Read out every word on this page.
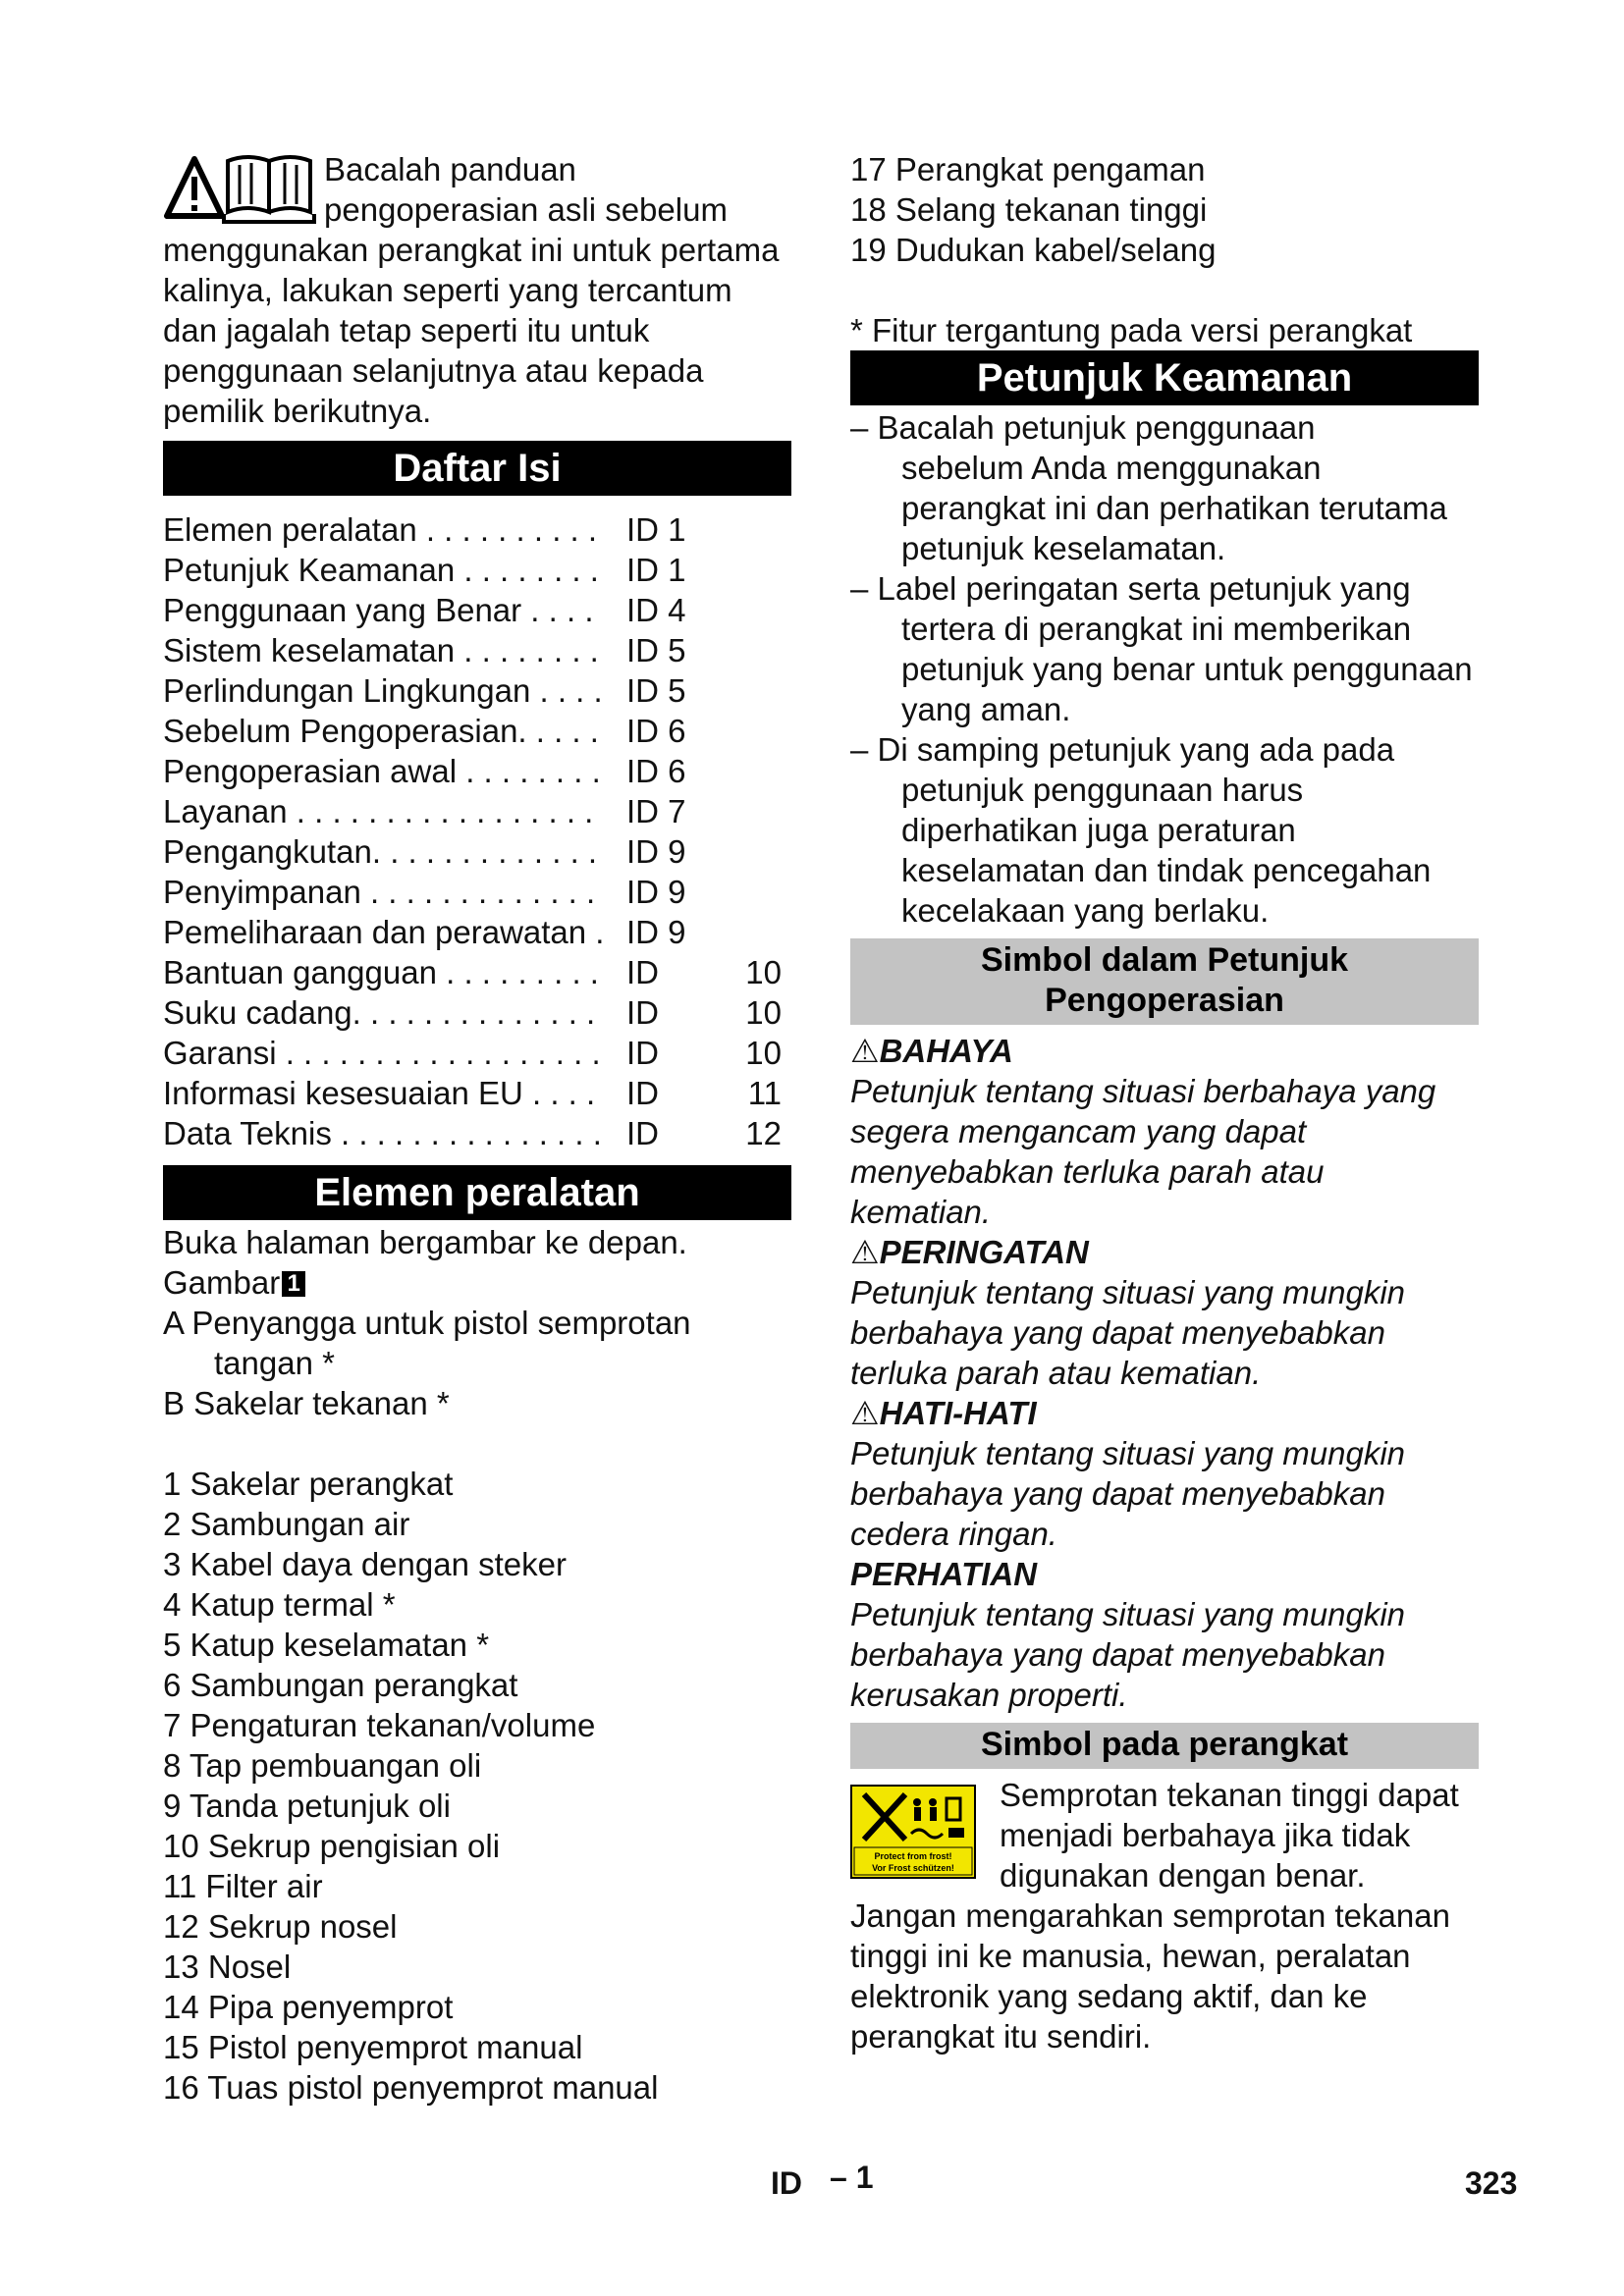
Bacalah panduan
pengoperasian asli sebelum
menggunakan perangkat ini untuk pertama
kalinya, lakukan seperti yang tercantum
dan jagalah tetap seperti itu untuk
penggunaan selanjutnya atau kepada
pemilik berikutnya.
Daftar Isi
Elemen peralatan . . . . . . . . . . ID 1
Petunjuk Keamanan . . . . . . . . ID 1
Penggunaan yang Benar . . . . ID 4
Sistem keselamatan . . . . . . . . ID 5
Perlindungan Lingkungan . . . . ID 5
Sebelum Pengoperasian. . . . . ID 6
Pengoperasian awal . . . . . . . . ID 6
Layanan . . . . . . . . . . . . . . . . . ID 7
Pengangkutan. . . . . . . . . . . . . ID 9
Penyimpanan . . . . . . . . . . . . . ID 9
Pemeliharaan dan perawatan . ID 9
Bantuan gangguan . . . . . . . . . ID	10
Suku cadang. . . . . . . . . . . . . . ID	10
Garansi . . . . . . . . . . . . . . . . . . ID	10
Informasi kesesuaian EU . . . . ID	11
Data Teknis . . . . . . . . . . . . . . . ID	12
Elemen peralatan
Buka halaman bergambar ke depan.
Gambar 1
A Penyangga untuk pistol semprotan tangan *
B Sakelar tekanan *
1 Sakelar perangkat
2 Sambungan air
3 Kabel daya dengan steker
4 Katup termal *
5 Katup keselamatan *
6 Sambungan perangkat
7 Pengaturan tekanan/volume
8 Tap pembuangan oli
9 Tanda petunjuk oli
10 Sekrup pengisian oli
11 Filter air
12 Sekrup nosel
13 Nosel
14 Pipa penyemprot
15 Pistol penyemprot manual
16 Tuas pistol penyemprot manual
17 Perangkat pengaman
18 Selang tekanan tinggi
19 Dudukan kabel/selang
* Fitur tergantung pada versi perangkat
Petunjuk Keamanan
– Bacalah petunjuk penggunaan
sebelum Anda menggunakan
perangkat ini dan perhatikan terutama
petunjuk keselamatan.
– Label peringatan serta petunjuk yang
tertera di perangkat ini memberikan
petunjuk yang benar untuk penggunaan
yang aman.
– Di samping petunjuk yang ada pada
petunjuk penggunaan harus
diperhatikan juga peraturan
keselamatan dan tindak pencegahan
kecelakaan yang berlaku.
Simbol dalam Petunjuk
Pengoperasian
⚠BAHAYA
Petunjuk tentang situasi berbahaya yang
segera mengancam yang dapat
menyebabkan terluka parah atau
kematian.
⚠PERINGATAN
Petunjuk tentang situasi yang mungkin
berbahaya yang dapat menyebabkan
terluka parah atau kematian.
⚠HATI-HATI
Petunjuk tentang situasi yang mungkin
berbahaya yang dapat menyebabkan
cedera ringan.
PERHATIAN
Petunjuk tentang situasi yang mungkin
berbahaya yang dapat menyebabkan
kerusakan properti.
Simbol pada perangkat
Protect from frost!
Vor Frost schützen!
Semprotan tekanan tinggi dapat
menjadi berbahaya jika tidak
digunakan dengan benar.
Jangan mengarahkan semprotan tekanan
tinggi ini ke manusia, hewan, peralatan
elektronik yang sedang aktif, dan ke
perangkat itu sendiri.
ID – 1	323
